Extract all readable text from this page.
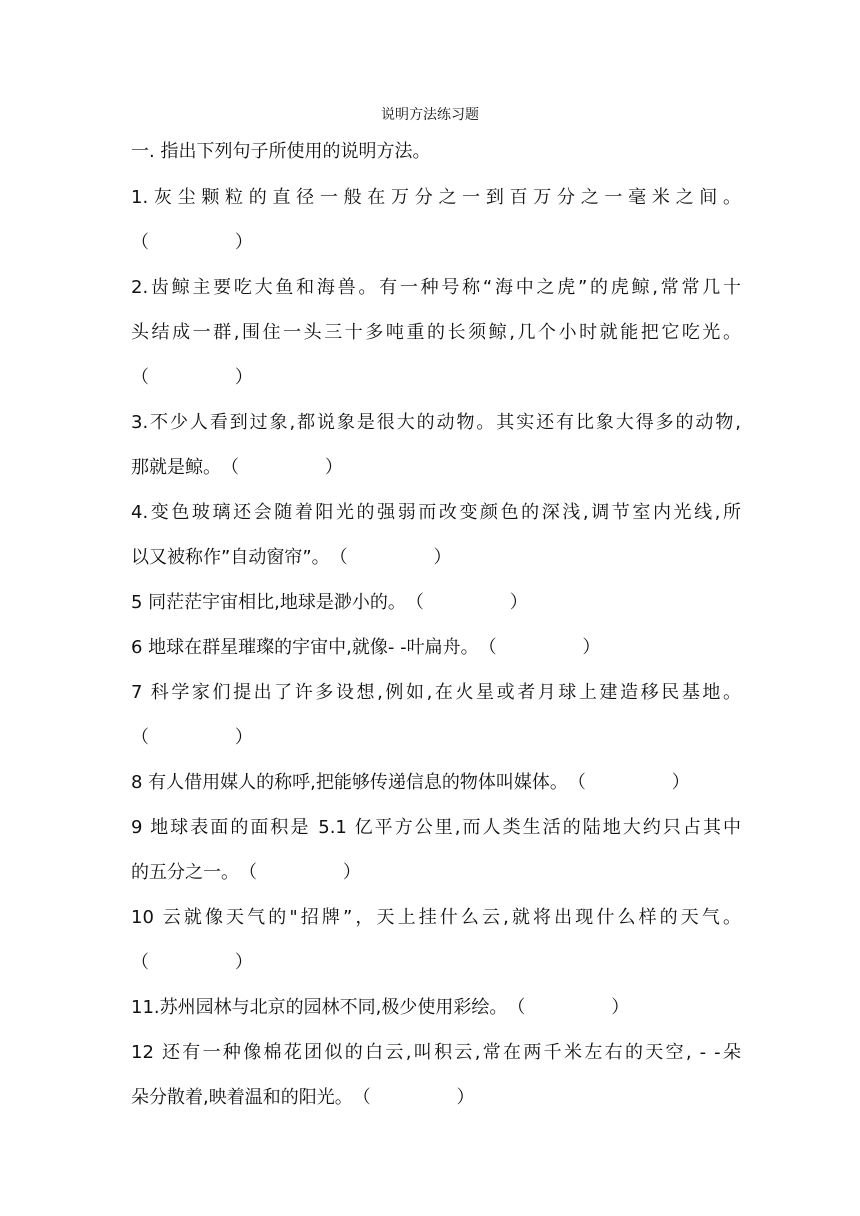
说明方法练习题
一. 指出下列句子所使用的说明方法。
1.灰尘颗粒的直径一般在万分之一到百万分之一毫米之间。
（               ）
2.齿鲸主要吃大鱼和海兽。有一种号称“海中之虎”的虎鲸,常常几十
头结成一群,围住一头三十多吨重的长须鲸,几个小时就能把它吃光。
（               ）
3.不少人看到过象,都说象是很大的动物。其实还有比象大得多的动物,
那就是鲸。（               ）
4.变色玻璃还会随着阳光的强弱而改变颜色的深浅,调节室内光线,所
以又被称作”自动窗帘”。（               ）
5 同茫茫宇宙相比,地球是渺小的。（               ）
6 地球在群星璀璨的宇宙中,就像- -叶扁舟。（               ）
7 科学家们提出了许多设想,例如,在火星或者月球上建造移民基地。
（               ）
8 有人借用媒人的称呼,把能够传递信息的物体叫媒体。（               ）
9 地球表面的面积是 5.1 亿平方公里,而人类生活的陆地大约只占其中
的五分之一。（               ）
10 云就像天气的"招牌”，天上挂什么云,就将出现什么样的天气。
（               ）
11.苏州园林与北京的园林不同,极少使用彩绘。（               ）
12 还有一种像棉花团似的白云,叫积云,常在两千米左右的天空, - -朵
朵分散着,映着温和的阳光。（               ）
